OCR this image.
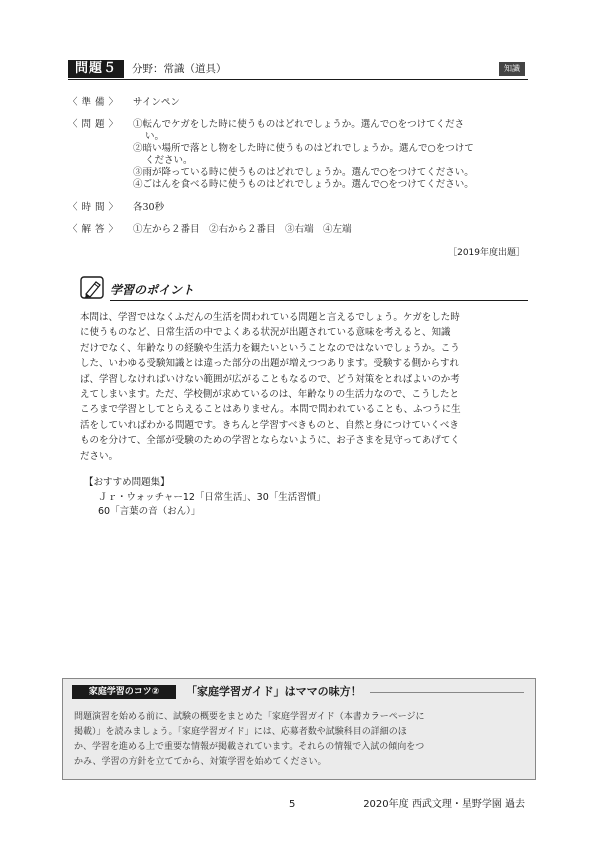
問題５	分野：常識（道具）	知識
〈 準 備 〉 サインペン
〈 問 題 〉 ①転んでケガをした時に使うものはどれでしょうか。選んで○をつけてくださ
い。
②暗い場所で落とし物をした時に使うものはどれでしょうか。選んで○をつけて
ください。
③雨が降っている時に使うものはどれでしょうか。選んで○をつけてください。
④ごはんを食べる時に使うものはどれでしょうか。選んで○をつけてください。
〈 時 間 〉 各30秒
〈 解 答 〉 ①左から２番目　②右から２番目　③右端　④左端
［2019年度出題］
学習のポイント
本問は、学習ではなくふだんの生活を問われている問題と言えるでしょう。ケガをした時
に使うものなど、日常生活の中でよくある状況が出題されている意味を考えると、知識
だけでなく、年齢なりの経験や生活力を観たいということなのではないでしょうか。こう
した、いわゆる受験知識とは違った部分の出題が増えつつあります。受験する側からすれ
ば、学習しなければいけない範囲が広がることもなるので、どう対策をとればよいのか考
えてしまいます。ただ、学校側が求めているのは、年齢なりの生活力なので、こうしたと
ころまで学習としてとらえることはありません。本問で問われていることも、ふつうに生
活をしていればわかる問題です。きちんと学習すべきものと、自然と身につけていくべき
ものを分けて、全部が受験のための学習とならないように、お子さまを見守ってあげてく
ださい。
【おすすめ問題集】
Ｊｒ・ウォッチャー12「日常生活」、30「生活習慣」
60「言葉の音（おん）」
家庭学習のコツ②	「家庭学習ガイド」はママの味方！
問題演習を始める前に、試験の概要をまとめた「家庭学習ガイド（本書カラーページに
掲載）」を読みましょう。「家庭学習ガイド」には、応募者数や試験科目の詳細のほ
か、学習を進める上で重要な情報が掲載されています。それらの情報で入試の傾向をつ
かみ、学習の方針を立ててから、対策学習を始めてください。
5	2020年度 西武文理・星野学園 過去
